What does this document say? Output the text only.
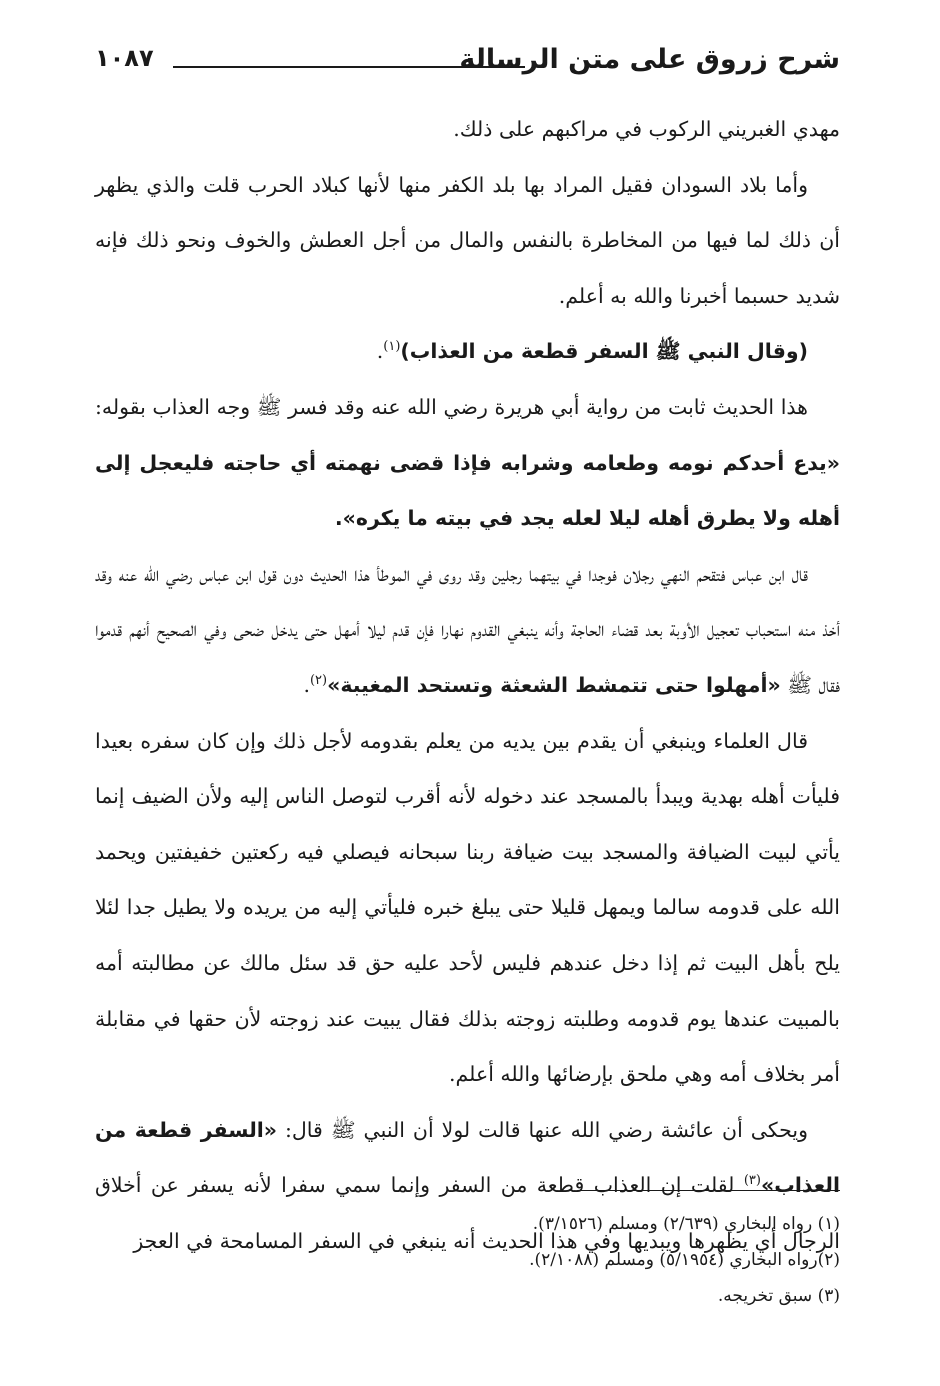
شرح زروق على متن الرسالة
١٠٨٧

مهدي الغبريني الركوب في مراكبهم على ذلك.

وأما بلاد السودان فقيل المراد بها بلد الكفر منها لأنها كبلاد الحرب قلت والذي يظهر أن ذلك لما فيها من المخاطرة بالنفس والمال من أجل العطش والخوف ونحو ذلك فإنه شديد حسبما أخبرنا والله به أعلم.

(وقال النبي ﷺ السفر قطعة من العذاب)$^{(١)}$.

هذا الحديث ثابت من رواية أبي هريرة رضي الله عنه وقد فسر ﷺ وجه العذاب بقوله: «يدع أحدكم نومه وطعامه وشرابه فإذا قضى نهمته أي حاجته فليعجل إلى أهله ولا يطرق أهله ليلا لعله يجد في بيته ما يكره».

قال ابن عباس فتقحم النهي رجلان فوجدا في بيتهما رجلين وقد روى في الموطأ هذا الحديث دون قول ابن عباس رضي الله عنه وقد أخذ منه استحباب تعجيل الأوبة بعد قضاء الحاجة وأنه ينبغي القدوم نهارا فإن قدم ليلا أمهل حتى يدخل ضحى وفي الصحيح أنهم قدموا فقال ﷺ «أمهلوا حتى تتمشط الشعثة وتستحد المغيبة»$^{(٢)}$.

قال العلماء وينبغي أن يقدم بين يديه من يعلم بقدومه لأجل ذلك وإن كان سفره بعيدا فليأت أهله بهدية ويبدأ بالمسجد عند دخوله لأنه أقرب لتوصل الناس إليه ولأن الضيف إنما يأتي لبيت الضيافة والمسجد بيت ضيافة ربنا سبحانه فيصلي فيه ركعتين خفيفتين ويحمد الله على قدومه سالما ويمهل قليلا حتى يبلغ خبره فليأتي إليه من يريده ولا يطيل جدا لئلا يلح بأهل البيت ثم إذا دخل عندهم فليس لأحد عليه حق قد سئل مالك عن مطالبته أمه بالمبيت عندها يوم قدومه وطلبته زوجته بذلك فقال يبيت عند زوجته لأن حقها في مقابلة أمر بخلاف أمه وهي ملحق بإرضائها والله أعلم.

ويحكى أن عائشة رضي الله عنها قالت لولا أن النبي ﷺ قال: «السفر قطعة من العذاب»$^{(٣)}$ لقلت إن العذاب قطعة من السفر وإنما سمي سفرا لأنه يسفر عن أخلاق الرجال أي يظهرها ويبديها وفي هذا الحديث أنه ينبغي في السفر المسامحة في العجز

(١) رواه البخاري (٢/٦٣٩) ومسلم (٣/١٥٢٦).

(٢)رواه البخاري (٥/١٩٥٤) ومسلم (٢/١٠٨٨).

(٣) سبق تخريجه.
